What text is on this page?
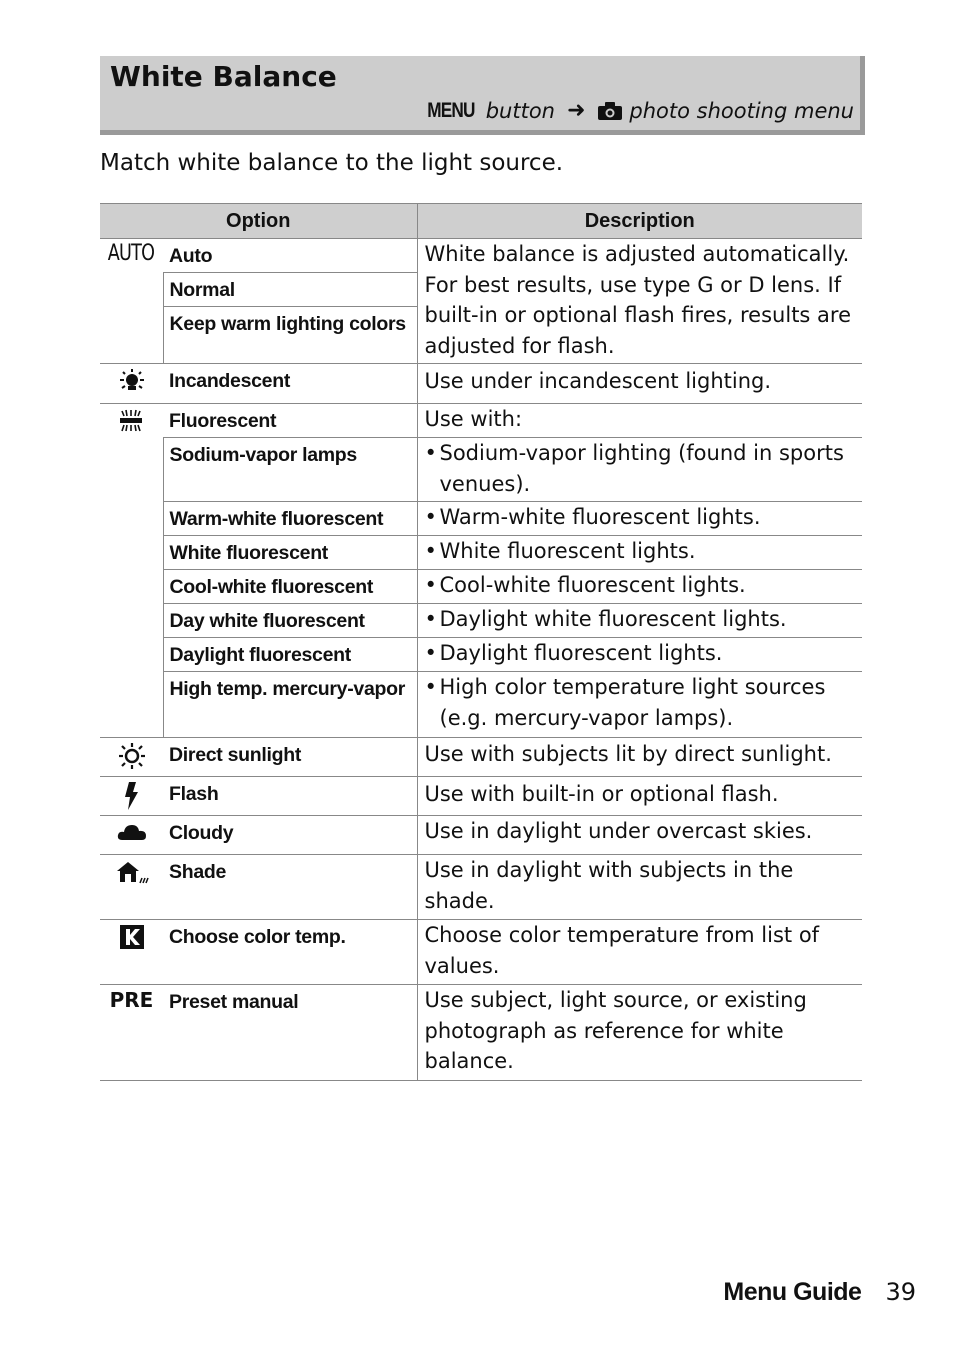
White Balance
MENU button ➜ photo shooting menu
Match white balance to the light source.
Option		Description
AUTO	Auto	White balance is adjusted automatically. For best results, use type G or D lens. If built-in or optional flash fires, results are adjusted for flash.
	Normal	
	Keep warm lighting colors	
	Incandescent	Use under incandescent lighting.
	Fluorescent	Use with:
	Sodium-vapor lamps	• Sodium-vapor lighting (found in sports venues).

	Warm-white fluorescent	• Warm-white fluorescent lights.

	White fluorescent	• White fluorescent lights.

	Cool-white fluorescent	• Cool-white fluorescent lights.

	Day white fluorescent	• Daylight white fluorescent lights.

	Daylight fluorescent	• Daylight fluorescent lights.

	High temp. mercury-vapor	• High color temperature light sources (e.g. mercury-vapor lamps).

	Direct sunlight	Use with subjects lit by direct sunlight.
	Flash	Use with built-in or optional flash.
	Cloudy	Use in daylight under overcast skies.
	Shade	Use in daylight with subjects in the shade.
	Choose color temp.	Choose color temperature from list of values.
PRE	Preset manual	Use subject, light source, or existing photograph as reference for white balance.
Menu Guide 39
